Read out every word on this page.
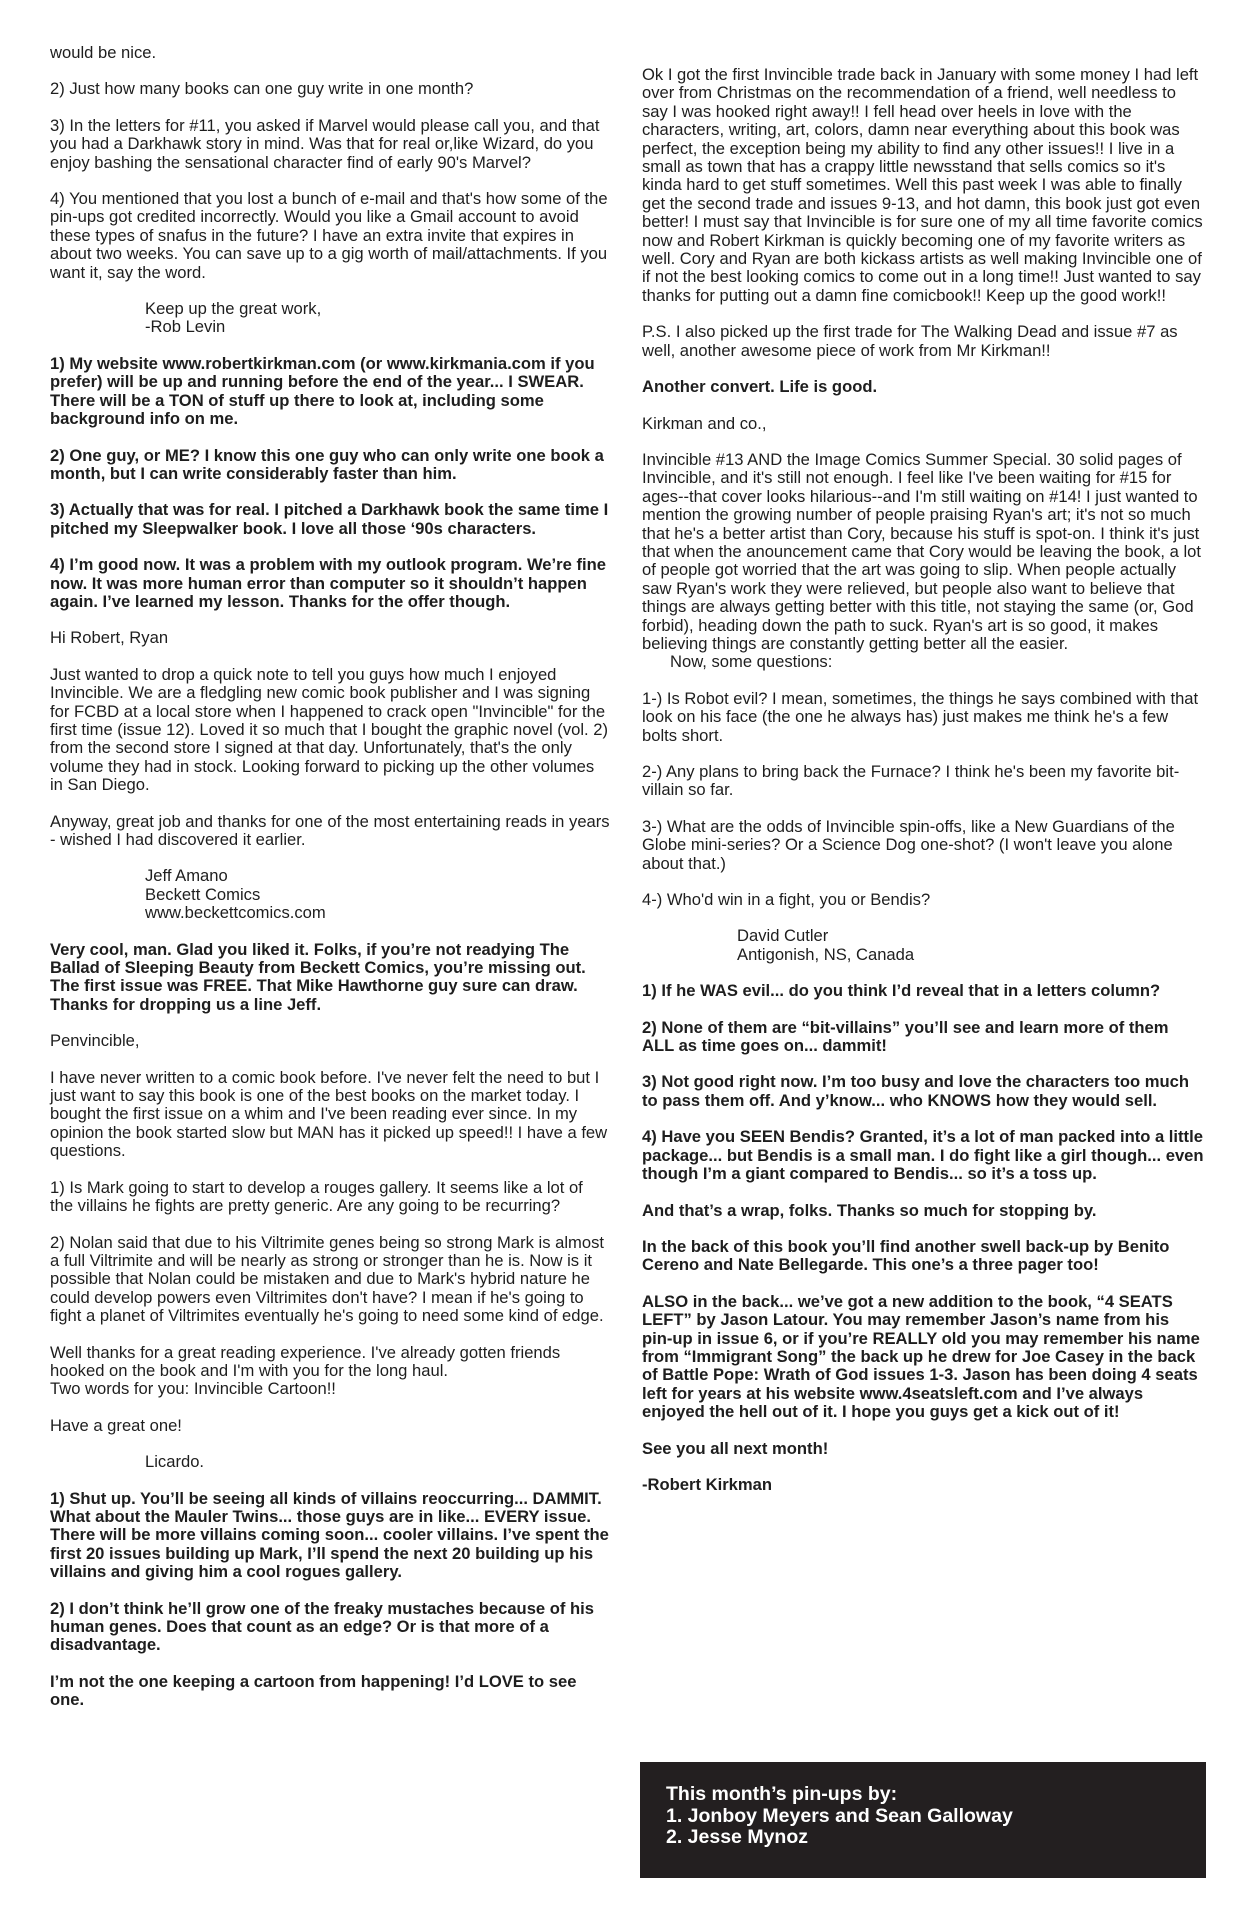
would be nice.

2) Just how many books can one guy write in one month?

3) In the letters for #11, you asked if Marvel would please call you, and that you had a Darkhawk story in mind. Was that for real or,like Wizard, do you enjoy bashing the sensational character find of early 90's Marvel?

4) You mentioned that you lost a bunch of e-mail and that's how some of the pin-ups got credited incorrectly. Would you like a Gmail account to avoid these types of snafus in the future? I have an extra invite that expires in about two weeks. You can save up to a gig worth of mail/attachments. If you want it, say the word.

Keep up the great work,
-Rob Levin

1) My website www.robertkirkman.com (or www.kirkmania.com if you prefer) will be up and running before the end of the year... I SWEAR. There will be a TON of stuff up there to look at, including some background info on me.

2) One guy, or ME? I know this one guy who can only write one book a month, but I can write considerably faster than him.

3) Actually that was for real. I pitched a Darkhawk book the same time I pitched my Sleepwalker book. I love all those ‘90s characters.

4) I’m good now. It was a problem with my outlook program. We’re fine now. It was more human error than computer so it shouldn’t happen again. I’ve learned my lesson. Thanks for the offer though.

Hi Robert, Ryan

Just wanted to drop a quick note to tell you guys how much I enjoyed Invincible. We are a fledgling new comic book publisher and I was signing for FCBD at a local store when I happened to crack open "Invincible" for the first time (issue 12). Loved it so much that I bought the graphic novel (vol. 2) from the second store I signed at that day. Unfortunately, that's the only volume they had in stock. Looking forward to picking up the other volumes in San Diego.

Anyway, great job and thanks for one of the most entertaining reads in years - wished I had discovered it earlier.

Jeff Amano
Beckett Comics
www.beckettcomics.com

Very cool, man. Glad you liked it. Folks, if you’re not readying The Ballad of Sleeping Beauty from Beckett Comics, you’re missing out. The first issue was FREE. That Mike Hawthorne guy sure can draw. Thanks for dropping us a line Jeff.

Penvincible,

I have never written to a comic book before. I've never felt the need to but I just want to say this book is one of the best books on the market today. I bought the first issue on a whim and I've been reading ever since. In my opinion the book started slow but MAN has it picked up speed!! I have a few questions.

1) Is Mark going to start to develop a rouges gallery. It seems like a lot of the villains he fights are pretty generic. Are any going to be recurring?

2) Nolan said that due to his Viltrimite genes being so strong Mark is almost a full Viltrimite and will be nearly as strong or stronger than he is. Now is it possible that Nolan could be mistaken and due to Mark's hybrid nature he could develop powers even Viltrimites don't have? I mean if he's going to fight a planet of Viltrimites eventually he's going to need some kind of edge.

Well thanks for a great reading experience. I've already gotten friends hooked on the book and I'm with you for the long haul.
Two words for you: Invincible Cartoon!!

Have a great one!

Licardo.

1) Shut up. You’ll be seeing all kinds of villains reoccurring... DAMMIT. What about the Mauler Twins... those guys are in like... EVERY issue. There will be more villains coming soon... cooler villains. I’ve spent the first 20 issues building up Mark, I’ll spend the next 20 building up his villains and giving him a cool rogues gallery.

2) I don’t think he’ll grow one of the freaky mustaches because of his human genes. Does that count as an edge? Or is that more of a disadvantage.

I’m not the one keeping a cartoon from happening! I’d LOVE to see one.

Ok I got the first Invincible trade back in January with some money I had left over from Christmas on the recommendation of a friend, well needless to say I was hooked right away!! I fell head over heels in love with the characters, writing, art, colors, damn near everything about this book was perfect, the exception being my ability to find any other issues!! I live in a small as town that has a crappy little newsstand that sells comics so it's kinda hard to get stuff sometimes. Well this past week I was able to finally get the second trade and issues 9-13, and hot damn, this book just got even better! I must say that Invincible is for sure one of my all time favorite comics now and Robert Kirkman is quickly becoming one of my favorite writers as well. Cory and Ryan are both kickass artists as well making Invincible one of if not the best looking comics to come out in a long time!! Just wanted to say thanks for putting out a damn fine comicbook!! Keep up the good work!!

P.S. I also picked up the first trade for The Walking Dead and issue #7 as well, another awesome piece of work from Mr Kirkman!!

Another convert. Life is good.

Kirkman and co.,

Invincible #13 AND the Image Comics Summer Special. 30 solid pages of Invincible, and it's still not enough. I feel like I've been waiting for #15 for ages--that cover looks hilarious--and I'm still waiting on #14! I just wanted to mention the growing number of people praising Ryan's art; it's not so much that he's a better artist than Cory, because his stuff is spot-on. I think it's just that when the anouncement came that Cory would be leaving the book, a lot of people got worried that the art was going to slip. When people actually saw Ryan's work they were relieved, but people also want to believe that things are always getting better with this title, not staying the same (or, God forbid), heading down the path to suck. Ryan's art is so good, it makes believing things are constantly getting better all the easier.

Now, some questions:

1-) Is Robot evil? I mean, sometimes, the things he says combined with that look on his face (the one he always has) just makes me think he's a few bolts short.

2-) Any plans to bring back the Furnace? I think he's been my favorite bit-villain so far.

3-) What are the odds of Invincible spin-offs, like a New Guardians of the Globe mini-series? Or a Science Dog one-shot? (I won't leave you alone about that.)

4-) Who'd win in a fight, you or Bendis?

David Cutler
Antigonish, NS, Canada

1) If he WAS evil... do you think I’d reveal that in a letters column?

2) None of them are “bit-villains” you’ll see and learn more of them ALL as time goes on... dammit!

3) Not good right now. I’m too busy and love the characters too much to pass them off. And y’know... who KNOWS how they would sell.

4) Have you SEEN Bendis? Granted, it’s a lot of man packed into a little package... but Bendis is a small man. I do fight like a girl though... even though I’m a giant compared to Bendis... so it’s a toss up.

And that’s a wrap, folks. Thanks so much for stopping by.

In the back of this book you’ll find another swell back-up by Benito Cereno and Nate Bellegarde. This one’s a three pager too!

ALSO in the back... we’ve got a new addition to the book, “4 SEATS LEFT” by Jason Latour. You may remember Jason’s name from his pin-up in issue 6, or if you’re REALLY old you may remember his name from “Immigrant Song” the back up he drew for Joe Casey in the back of Battle Pope: Wrath of God issues 1-3. Jason has been doing 4 seats left for years at his website www.4seatsleft.com and I’ve always enjoyed the hell out of it. I hope you guys get a kick out of it!

See you all next month!

-Robert Kirkman

This month’s pin-ups by:
1. Jonboy Meyers and Sean Galloway
2. Jesse Mynoz
